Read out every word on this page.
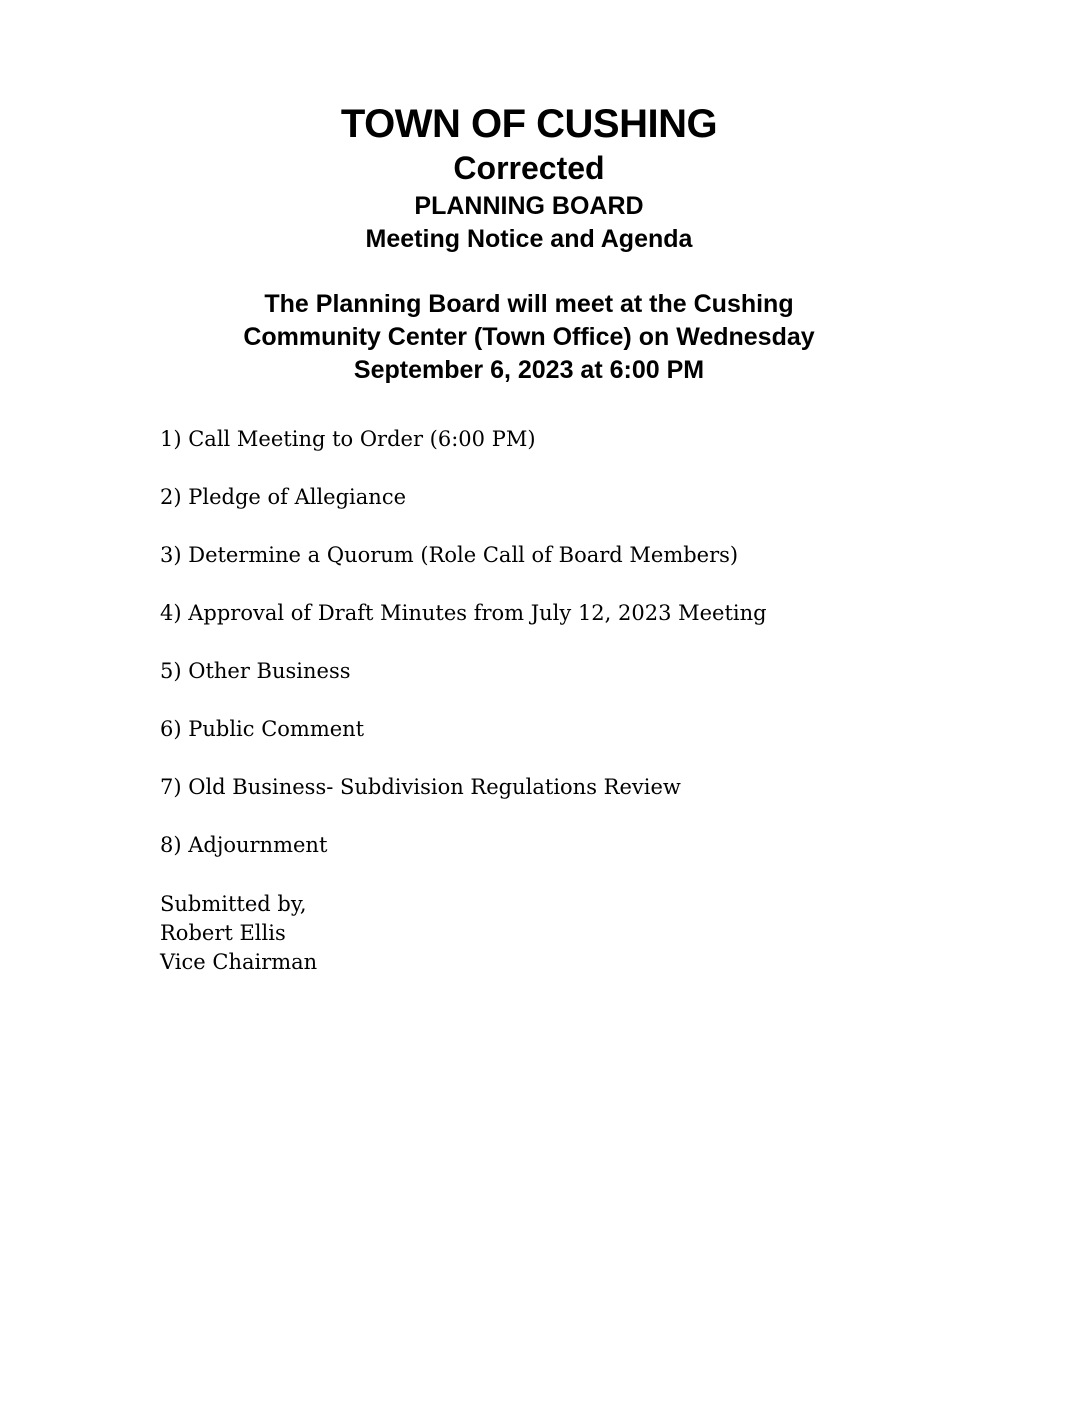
TOWN OF CUSHING
Corrected
PLANNING BOARD
Meeting Notice and Agenda
The Planning Board will meet at the Cushing
Community Center (Town Office) on Wednesday
September 6, 2023 at 6:00 PM
1) Call Meeting to Order (6:00 PM)
2) Pledge of Allegiance
3) Determine a Quorum (Role Call of Board Members)
4) Approval of Draft Minutes from July 12, 2023 Meeting
5) Other Business
6) Public Comment
7) Old Business- Subdivision Regulations Review
8) Adjournment
Submitted by,
Robert Ellis
Vice Chairman
